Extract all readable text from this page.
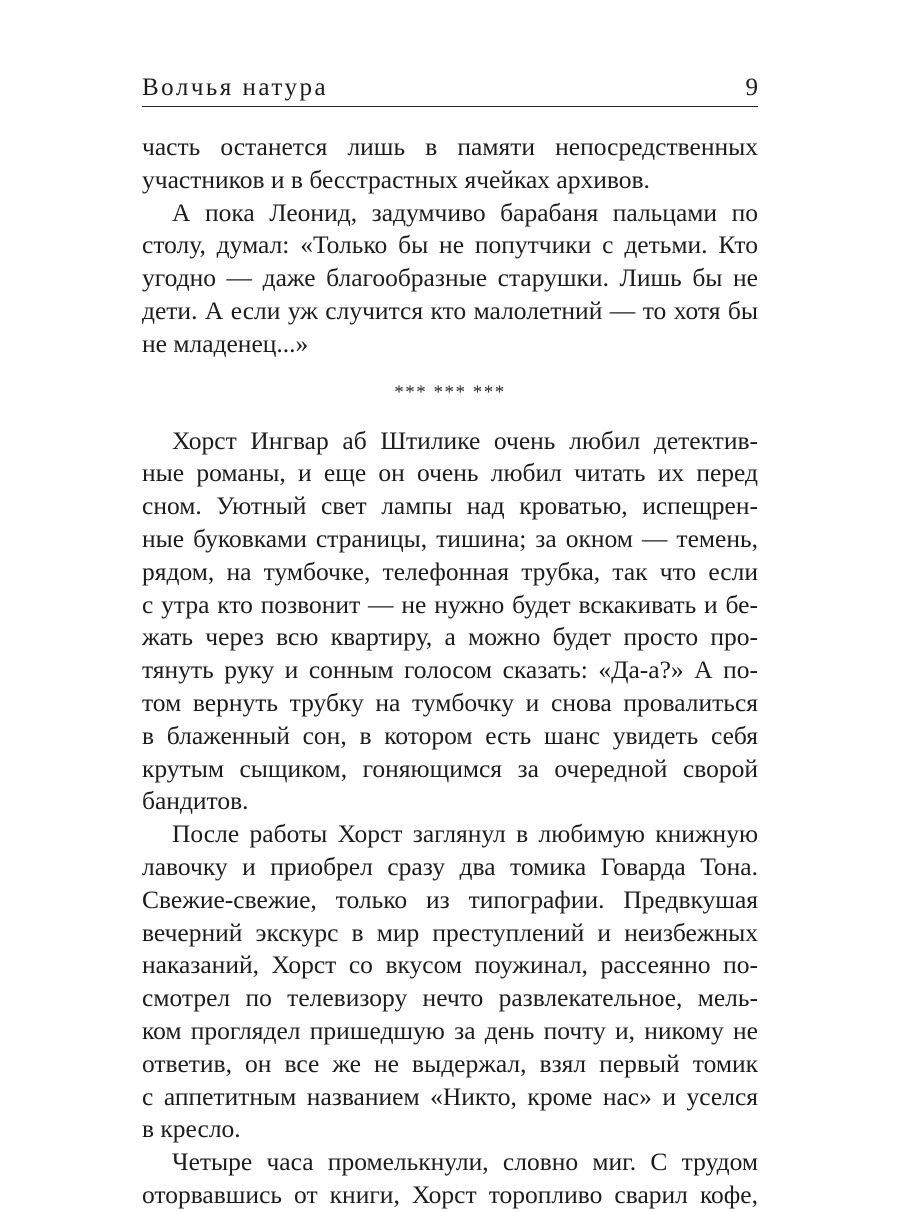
Волчья натура	9
часть останется лишь в памяти непосредственных
участников и в бесстрастных ячейках архивов.
А пока Леонид, задумчиво барабаня пальцами по
столу, думал: «Только бы не попутчики с детьми. Кто
угодно — даже благообразные старушки. Лишь бы не
дети. А если уж случится кто малолетний — то хотя бы
не младенец...»
*** *** ***
Хорст Ингвар аб Штилике очень любил детектив-
ные романы, и еще он очень любил читать их перед
сном. Уютный свет лампы над кроватью, испещрен-
ные буковками страницы, тишина; за окном — темень,
рядом, на тумбочке, телефонная трубка, так что если
с утра кто позвонит — не нужно будет вскакивать и бе-
жать через всю квартиру, а можно будет просто про-
тянуть руку и сонным голосом сказать: «Да-а?» А по-
том вернуть трубку на тумбочку и снова провалиться
в блаженный сон, в котором есть шанс увидеть себя
крутым сыщиком, гоняющимся за очередной сворой
бандитов.
После работы Хорст заглянул в любимую книжную
лавочку и приобрел сразу два томика Говарда Тона.
Свежие-свежие, только из типографии. Предвкушая
вечерний экскурс в мир преступлений и неизбежных
наказаний, Хорст со вкусом поужинал, рассеянно по-
смотрел по телевизору нечто развлекательное, мель-
ком проглядел пришедшую за день почту и, никому не
ответив, он все же не выдержал, взял первый томик
с аппетитным названием «Никто, кроме нас» и уселся
в кресло.
Четыре часа промелькнули, словно миг. С трудом
оторвавшись от книги, Хорст торопливо сварил кофе,
